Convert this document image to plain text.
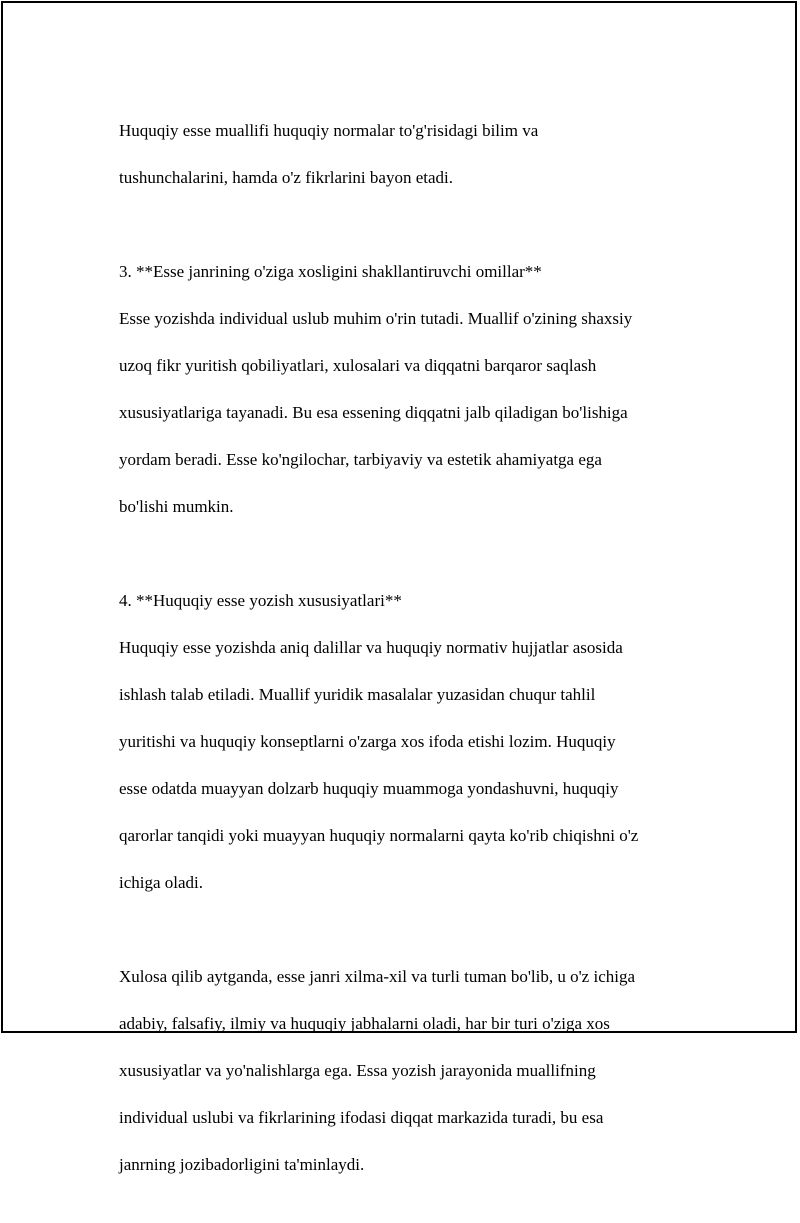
Huquqiy esse muallifi huquqiy normalar to'g'risidagi bilim va

tushunchalarini, hamda o'z fikrlarini bayon etadi.

3. **Esse janrining o'ziga xosligini shakllantiruvchi omillar**

Esse yozishda individual uslub muhim o'rin tutadi. Muallif o'zining shaxsiy

uzoq fikr yuritish qobiliyatlari, xulosalari va diqqatni barqaror saqlash

xususiyatlariga tayanadi. Bu esa essening diqqatni jalb qiladigan bo'lishiga

yordam beradi. Esse ko'ngilochar, tarbiyaviy va estetik ahamiyatga ega

bo'lishi mumkin.

4. **Huquqiy esse yozish xususiyatlari**

Huquqiy esse yozishda aniq dalillar va huquqiy normativ hujjatlar asosida

ishlash talab etiladi. Muallif yuridik masalalar yuzasidan chuqur tahlil

yuritishi va huquqiy konseptlarni o'zarga xos ifoda etishi lozim. Huquqiy

esse odatda muayyan dolzarb huquqiy muammoga yondashuvni, huquqiy

qarorlar tanqidi yoki muayyan huquqiy normalarni qayta ko'rib chiqishni o'z

ichiga oladi.

Xulosa qilib aytganda, esse janri xilma-xil va turli tuman bo'lib, u o'z ichiga

adabiy, falsafiy, ilmiy va huquqiy jabhalarni oladi, har bir turi o'ziga xos

xususiyatlar va yo'nalishlarga ega. Essa yozish jarayonida muallifning

individual uslubi va fikrlarining ifodasi diqqat markazida turadi, bu esa

janrning jozibadorligini ta'minlaydi.
